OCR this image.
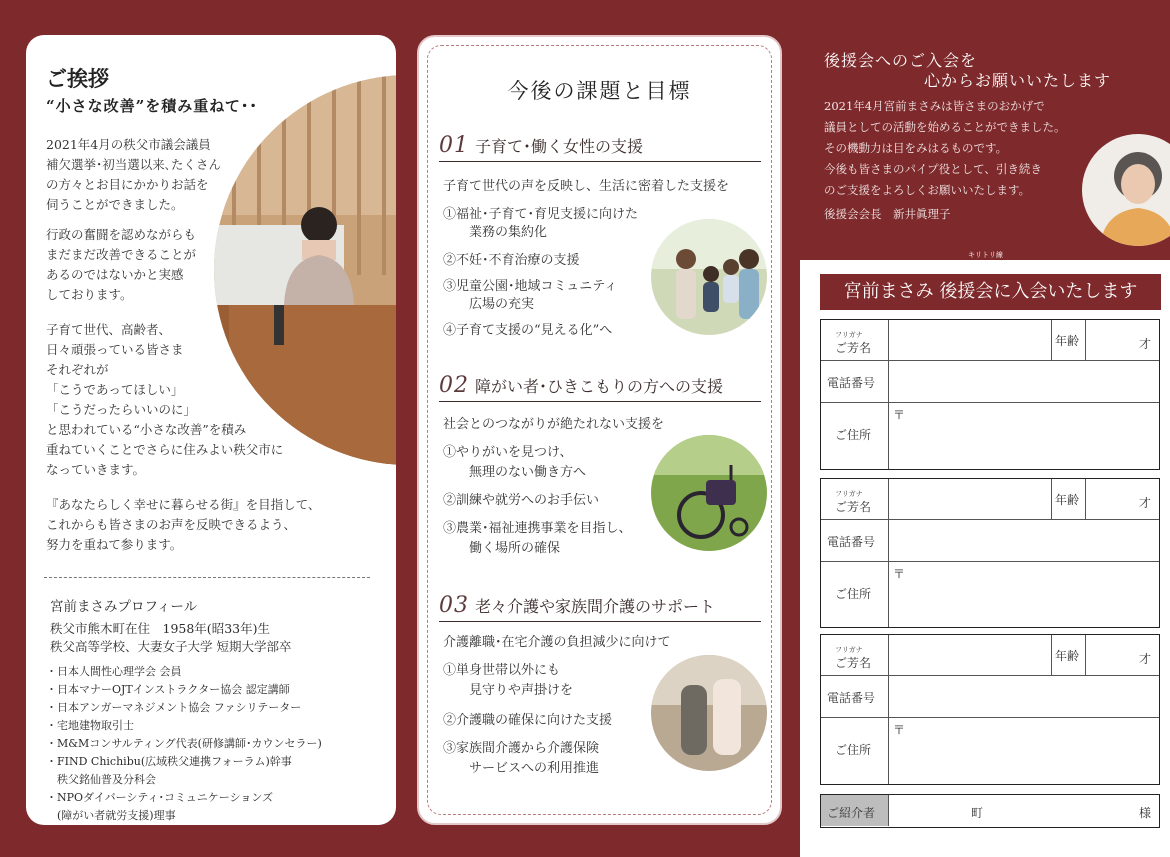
ご挨拶
“小さな改善”を積み重ねて･･
2021年4月の秩父市議会議員
補欠選挙･初当選以来､たくさん
の方々とお目にかかりお話を
伺うことができました。
行政の奮闘を認めながらも
まだまだ改善できることが
あるのではないかと実感
しております。
子育て世代、高齢者、
日々頑張っている皆さま
それぞれが
「こうであってほしい」
「こうだったらいいのに」
と思われている“小さな改善”を積み
重ねていくことでさらに住みよい秩父市に
なっていきます。
『あなたらしく幸せに暮らせる街』を目指して、
これからも皆さまのお声を反映できるよう、
努力を重ねて参ります。
宮前まさみプロフィール
秩父市熊木町在住　1958年(昭33年)生
秩父高等学校、大妻女子大学 短期大学部卒
・日本人間性心理学会 会員
・日本マナーOJTインストラクター協会 認定講師
・日本アンガーマネジメント協会 ファシリテーター
・宅地建物取引士
・M&Mコンサルティング代表(研修講師･カウンセラー)
・FIND Chichibu(広域秩父連携フォーラム)幹事
　秩父銘仙普及分科会
・NPOダイバーシティ･コミュニケーションズ
　(障がい者就労支援)理事
今後の課題と目標
01 子育て･働く女性の支援
子育て世代の声を反映し、生活に密着した支援を
①福祉･子育て･育児支援に向けた
　　業務の集約化
②不妊･不育治療の支援
③児童公園･地域コミュニティ
　　広場の充実
④子育て支援の“見える化”へ
02 障がい者･ひきこもりの方への支援
社会とのつながりが絶たれない支援を
①やりがいを見つけ、
　　無理のない働き方へ
②訓練や就労へのお手伝い
③農業･福祉連携事業を目指し、
　　働く場所の確保
03 老々介護や家族間介護のサポート
介護離職･在宅介護の負担減少に向けて
①単身世帯以外にも
　　見守りや声掛けを
②介護職の確保に向けた支援
③家族間介護から介護保険
　　サービスへの利用推進
後援会へのご入会を
心からお願いいたします
2021年4月宮前まさみは皆さまのおかげで
議員としての活動を始めることができました。
その機動力は目をみはるものです。
今後も皆さまのパイプ役として、引き続き
のご支援をよろしくお願いいたします。
後援会会長　新井眞理子
キリトリ線
宮前まさみ 後援会に入会いたします
フリガナ
ご芳名	年齢	才
電話番号
ご住所
〒
フリガナ
ご芳名	年齢	才
電話番号
ご住所
〒
フリガナ
ご芳名	年齢	才
電話番号
ご住所
〒
ご紹介者	町	様
